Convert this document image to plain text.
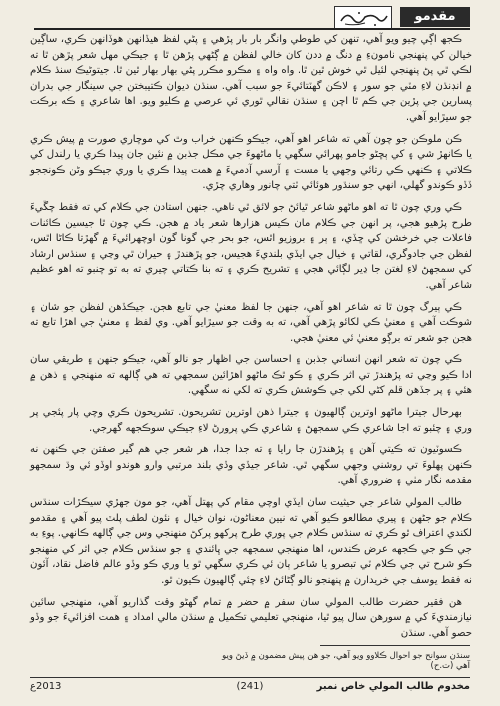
مقدمو

ڪجھ اڳي چيو ويو آهي، تنهن کي طوطي وانگر بار بار پڙهي ۽ پڻي لفظ هيڏانهن هوڏانهن ڪري، ساڳين خيالن کي پنهنجي نامونءِ ۾ دنگ ۾ ددن کان خالي لفظن ۾ ڳڻهي پڙهن ٿا ۽ جيڪي مهل شعر پڙهن ٿا ته لڪي ٿي پڻ پنهنجي لئيل ٿي خوش ٿين ٿا. واه واه ۽ مڪرو مڪرر پڻي بهار بهار ٿين ٿا. جيتوڻيڪ سنڌ ڪلام ۾ انڊنڌن لاءِ مٽي جو سور ۽ لاڪن گهٽتائيءَ جو سبب آهي. سنڌن ديوان ڪتيبختن جي سينگار جي بدران پسارين جي پڙين جي ڪم ٿا اچن ۽ سنڌن نقالي ٿوري ئي عرصي ۾ ڪليو ويو. اها شاعري ۽ ڪه برڪت جو سيڙايو آهي.

ڪن ملوڪن جو چون آهي ته شاعر اهو آهي، جيڪو ڪنهن خراب وٿ کي موچاري صورت ۾ پيش ڪري يا ڪانهڙ شي ۽ کي ٻڇڻو جامو پهرائي سگهي يا ماڻهوءَ جي مڪل جذبن ۾ نئين جان پيدا ڪري يا رلندل کي ڪلاتي ۽ ڪنهي ڪي رتائي وجهي يا مست ۽ آرسي آدميءَ ۾ همت پيدا ڪري يا وري جيڪو وڻن ڪونججو ڏڏو ڪوندو گهلي، انهي جو سنڌور هوئائي ٽتي چانور وهاري چڙي.

ڪي وري چون ٿا ته اهو ماڻهو شاعر ٿيائڻ جو لائق ٿي ناهي. جنهن استادن جي ڪلام کي ته فقط چڱيءَ طرح پڙهيو هجي، پر انهن جي ڪلام مان ڪيس هزارها شعر ياد ۾ هجن. ڪي چون ٿا جيسين ڪائنات فاعلات جي خرخشن کي ڇڏي، ۽ ٻر ۽ بروزيو اٿس، جو بحر جي گونا گون اوچهرائيءَ ۾ گهڙتا ڪاڻا اٿس، لفظن جي جادوگري، لقاتي ۽ خيال جي ايڏي بلنديءَ هجيس، جو پڙهندڙ ۽ حيران ٿي وڃي ۽ سنڌس ارشاد کي سمجهڻ لاءِ لغتن جا ڍير لڳائي هجي ۽ تشريح ڪري ۽ ته بنا ڪتاتي چيري ته به تو چنبو ته اهو عظيم شاعر آهي.

ڪي ٻيرگ چون ٿا ته شاعر اهو آهي، جنهن جا لفظ معنيٰ جي تابع هجن. جيڪڏهن لفظن جو شان ۽ شوڪت آهي ۽ معنيٰ ڪي لکائو پڙهي آهي، ته به وقت جو سيڙايو آهي. وي لفظ ۽ معنيٰ جي اهڙا تابع ته هجن جو شعر ته برڳو معنيٰ ئي معنيٰ هجي.

ڪي چون ته شعر انهن انساني جذبن ۽ احساسن جي اظهار جو نالو آهي، جيڪو جنهن ۽ طريقي سان ادا ڪيو وڃي ته پڙهندڙ تي اثر ڪري ۽ ڪو ٿڪ ماڻهو اهڙائين سمجهي ته هي ڳالهه ته منهنجي ۽ ذهن ۾ هئي ۽ پر جڏهن قلم کڻي لکي جي ڪوشش ڪري ته لکي نه سگهي.

بهرحال جيترا ماڻهو اوترين ڳالهيون ۽ جيترا ذهن اوترين تشريحون. تشريحون ڪري وچي پار پئجي پر وري ۽ چئبو ته اجا شاعري ڪي سمجهڻ ۽ شاعري ڪي پرورڻ لاءِ جيڪي سوڪجهه گهرجي.

ڪسوٽيون ته ڪيتي آهن ۽ پڙهندڙن جا رايا ۽ ته جدا جدا، هر شعر جي هم گير صفتن جي ڪنهن نه ڪنهن پهلوءَ تي روشني وجهي سگهي ٿي. شاعر جيڏي وڏي بلند مرتبي وارو هوندو اوڏو ئي وڌ سمجهو مقدمه نگار مٺي ۽ ضروري آهي.

طالب المولي شاعر جي حيثيت سان ايڏي اوچي مقام کي پهتل آهي، جو مون جهڙي سيڪڙات سنڌس ڪلام جو جڻهن ۽ پيري مطالعو ڪيو آهي ته نيين معناڻون، نوان خيال ۽ نئون لطف پلٽ پيو آهي ۽ مقدمو لکندي اعتراف ٿو ڪري ته سنڌس ڪلام جي پوري طرح پرکهو پرکڻ منهنجي وس جي ڳالهه ڪانهي. پوءِ به جي ڪو جي ڪجهه عرض ڪندس، اها منهنجي سمجهه جي ڀائندي ۽ جو سنڌس ڪلام جي اثر کي منهنجو ڪو شرح تي جي ڪلام ٽي تبصرو يا شاعر ٻان ئي ڪري سگهي ٿو يا وري ڪو وڏو عالم فاضل نقاد، آئون نه فقط يوسف جي خريدارن ۾ پنهنجو نالو ڳڻائڻ لاءِ چئي ڳالهيون ڪيون ٿو.

هن فقير حضرت طالب المولي سان سفر ۾ حضر ۾ تمام گهڻو وقت گذاريو آهي، منهنجي سائين نيازمنديءَ کي ۾ سورهن سال پيو ٿيا، منهنجي تعليمي تڪميل ۾ سنڌن مالي امداد ۽ همت افزائيءَ جو وڏو حصو آهي. سنڌن

سنڌن سوانح جو احوال ڪلاوو ويو آهي، جو هن پيش مضمون ۾ ڏيڻ ويو آهي (ت.ح)
مخدوم طالب المولي خاص نمبر
(241)
2013ع
